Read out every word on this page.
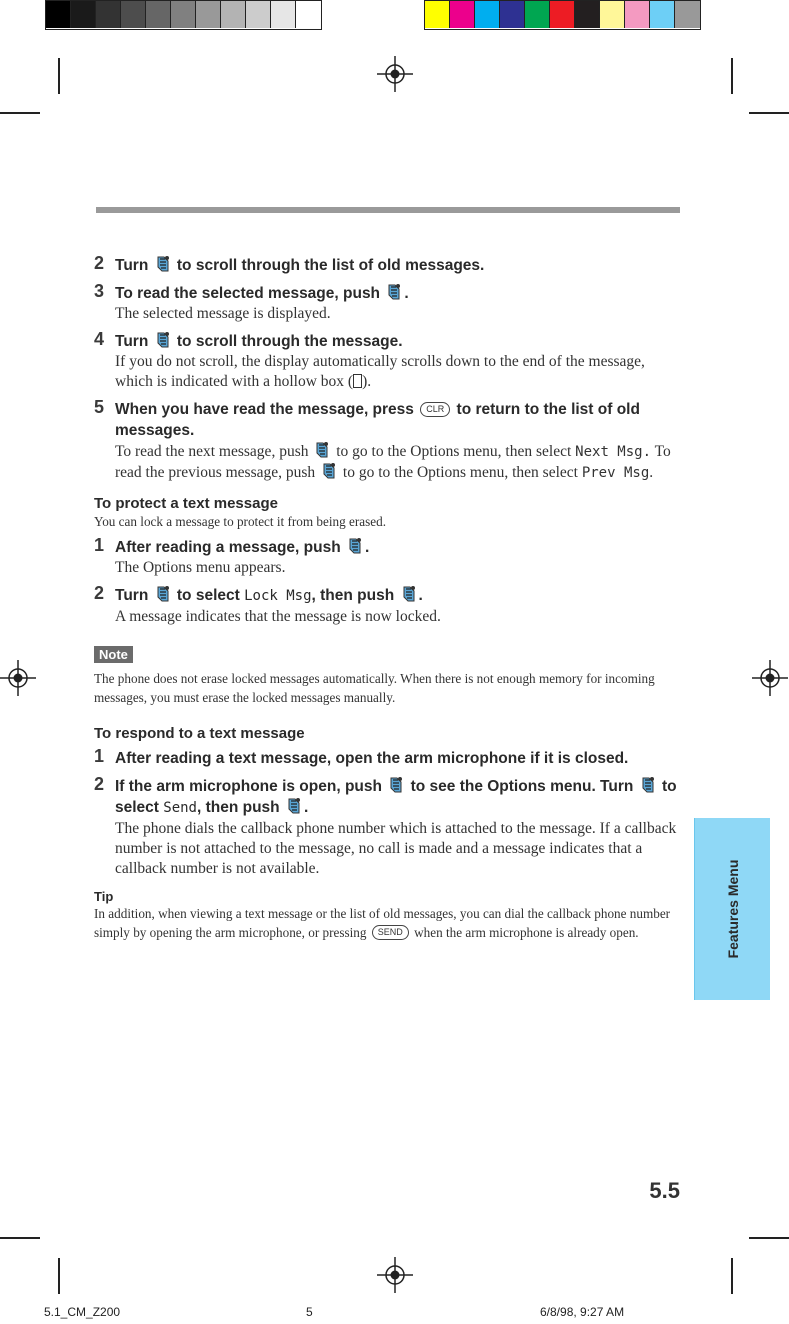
2 Turn  to scroll through the list of old messages.
3 To read the selected message, push .
The selected message is displayed.
4 Turn  to scroll through the message.
If you do not scroll, the display automatically scrolls down to the end of the message, which is indicated with a hollow box ( ).
5 When you have read the message, press CLR to return to the list of old messages.
To read the next message, push  to go to the Options menu, then select Next Msg. To read the previous message, push  to go to the Options menu, then select Prev Msg.
To protect a text message
You can lock a message to protect it from being erased.
1 After reading a message, push .
The Options menu appears.
2 Turn  to select Lock Msg, then push .
A message indicates that the message is now locked.
Note
The phone does not erase locked messages automatically. When there is not enough memory for incoming messages, you must erase the locked messages manually.
To respond to a text message
1 After reading a text message, open the arm microphone if it is closed.
2 If the arm microphone is open, push  to see the Options menu. Turn  to select Send, then push .
The phone dials the callback phone number which is attached to the message. If a callback number is not attached to the message, no call is made and a message indicates that a callback number is not available.
Tip
In addition, when viewing a text message or the list of old messages, you can dial the callback phone number simply by opening the arm microphone, or pressing SEND when the arm microphone is already open.	Features Menu
5.5
5.1_CM_Z200	5	6/8/98, 9:27 AM
